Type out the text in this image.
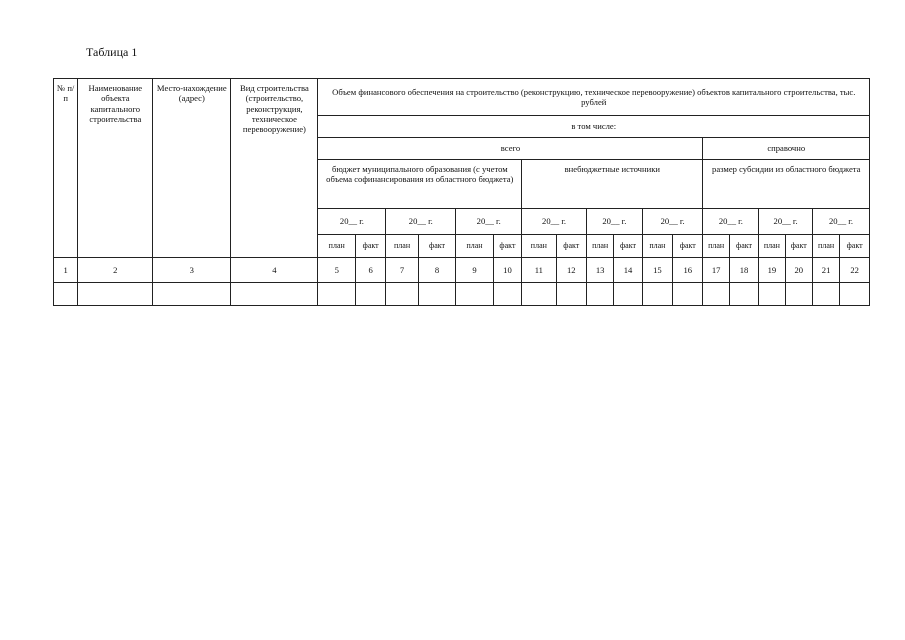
Таблица 1
№ п/п	Наименование объекта капитального строительства	Место-нахождение (адрес)	Вид строительства (строительство, реконструкция, техническое перевооружение)	Объем финансового обеспечения на строительство (реконструкцию, техническое перевооружение) объектов капитального строительства, тыс. рублей																	
				в том числе:																	
				всего												справочно					
				бюджет муниципального образования (с учетом объема софинансирования из областного бюджета)						внебюджетные источники						размер субсидии из областного бюджета					
				20__ г.		20__ г.		20__ г.		20__ г.		20__ г.		20__ г.		20__ г.		20__ г.		20__ г.	
				план	факт	план	факт	план	факт	план	факт	план	факт	план	факт	план	факт	план	факт	план	факт
1	2	3	4	5	6	7	8	9	10	11	12	13	14	15	16	17	18	19	20	21	22
